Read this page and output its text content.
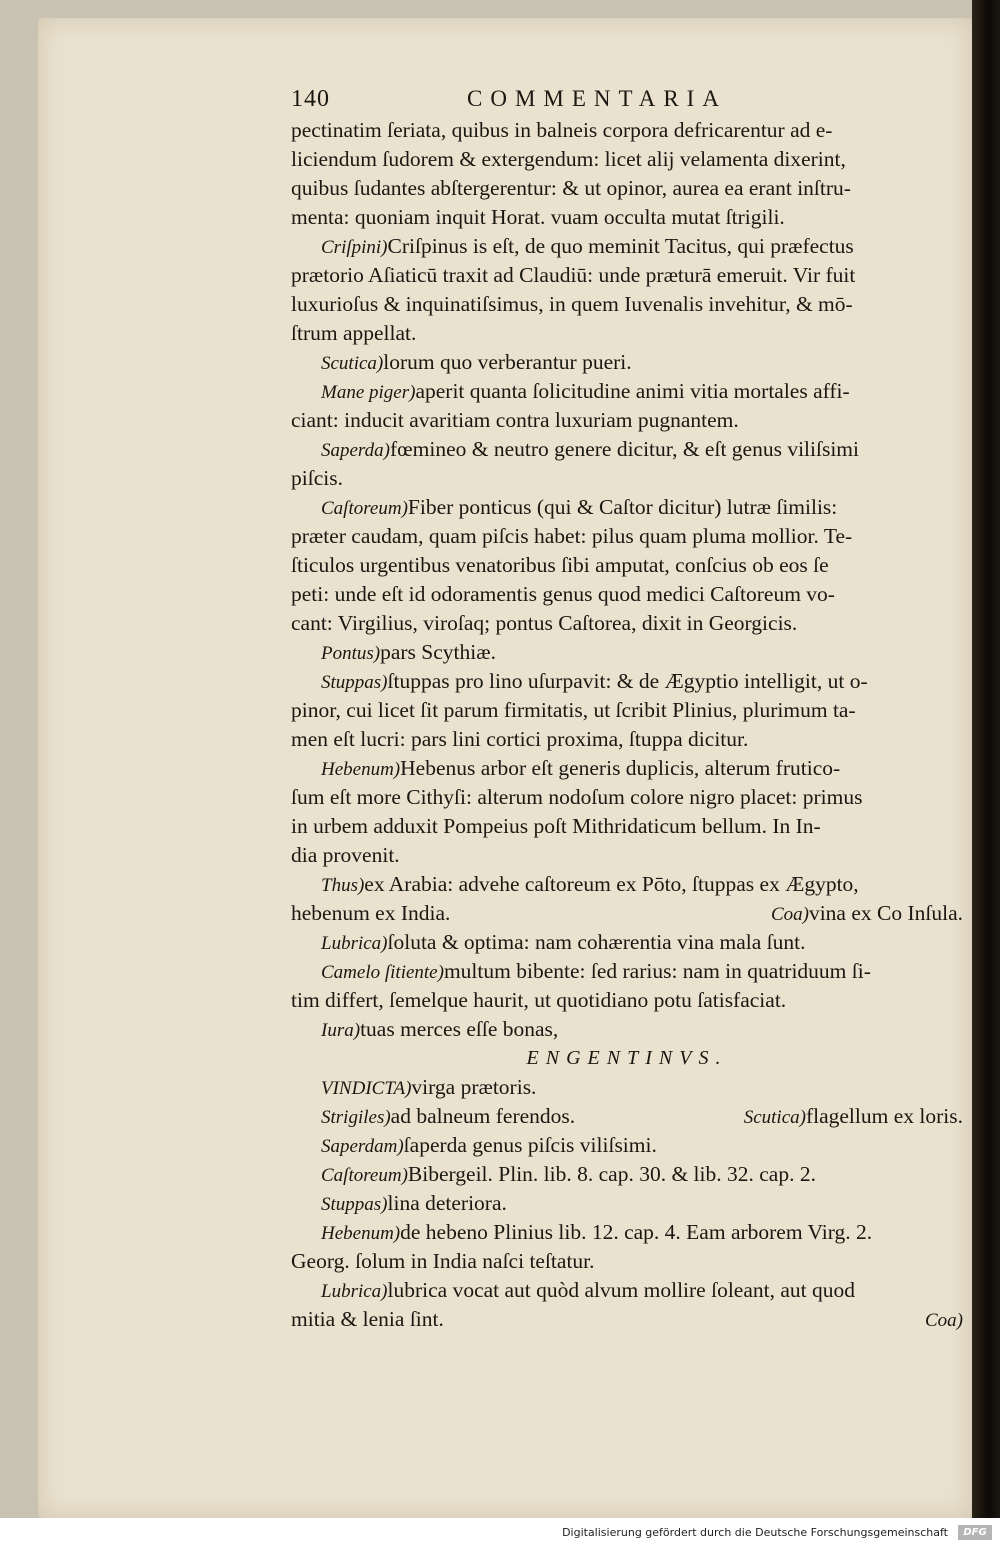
140	COMMENTARIA
pectinatim ſeriata, quibus in balneis corpora defricarentur ad e-
liciendum ſudorem & extergendum: licet alij velamenta dixerint,
quibus ſudantes abſtergerentur: & ut opinor, aurea ea erant inſtru-
menta: quoniam inquit Horat. vuam occulta mutat ſtrigili.
Criſpini)Criſpinus is eſt, de quo meminit Tacitus, qui præfectus
prætorio Aſiaticū traxit ad Claudiū: unde præturā emeruit. Vir fuit
luxurioſus & inquinatiſsimus, in quem Iuvenalis invehitur, & mō-
ſtrum appellat.
Scutica)lorum quo verberantur pueri.
Mane piger)aperit quanta ſolicitudine animi vitia mortales affi-
ciant: inducit avaritiam contra luxuriam pugnantem.
Saperda)fœmineo & neutro genere dicitur, & eſt genus viliſsimi
piſcis.
Caſtoreum)Fiber ponticus (qui & Caſtor dicitur) lutræ ſimilis:
præter caudam, quam piſcis habet: pilus quam pluma mollior. Te-
ſticulos urgentibus venatoribus ſibi amputat, conſcius ob eos ſe
peti: unde eſt id odoramentis genus quod medici Caſtoreum vo-
cant: Virgilius, viroſaq; pontus Caſtorea, dixit in Georgicis.
Pontus)pars Scythiæ.
Stuppas)ſtuppas pro lino uſurpavit: & de Ægyptio intelligit, ut o-
pinor, cui licet ſit parum firmitatis, ut ſcribit Plinius, plurimum ta-
men eſt lucri: pars lini cortici proxima, ſtuppa dicitur.
Hebenum)Hebenus arbor eſt generis duplicis, alterum frutico-
ſum eſt more Cithyſi: alterum nodoſum colore nigro placet: primus
in urbem adduxit Pompeius poſt Mithridaticum bellum. In In-
dia provenit.
Thus)ex Arabia: advehe caſtoreum ex Pōto, ſtuppas ex Ægypto,
hebenum ex India.	Coa)vina ex Co Inſula.
Lubrica)ſoluta & optima: nam cohærentia vina mala ſunt.
Camelo ſitiente)multum bibente: ſed rarius: nam in quatriduum ſi-
tim differt, ſemelque haurit, ut quotidiano potu ſatisfaciat.
Iura)tuas merces eſſe bonas,
ENGENTINVS.
VINDICTA)virga prætoris.
Strigiles)ad balneum ferendos.	Scutica)flagellum ex loris.
Saperdam)ſaperda genus piſcis viliſsimi.
Caſtoreum)Bibergeil. Plin. lib. 8. cap. 30. & lib. 32. cap. 2.
Stuppas)lina deteriora.
Hebenum)de hebeno Plinius lib. 12. cap. 4. Eam arborem Virg. 2.
Georg. ſolum in India naſci teſtatur.
Lubrica)lubrica vocat aut quòd alvum mollire ſoleant, aut quod
mitia & lenia ſint.	Coa)
Digitalisierung gefördert durch die Deutsche Forschungsgemeinschaft	DFG
